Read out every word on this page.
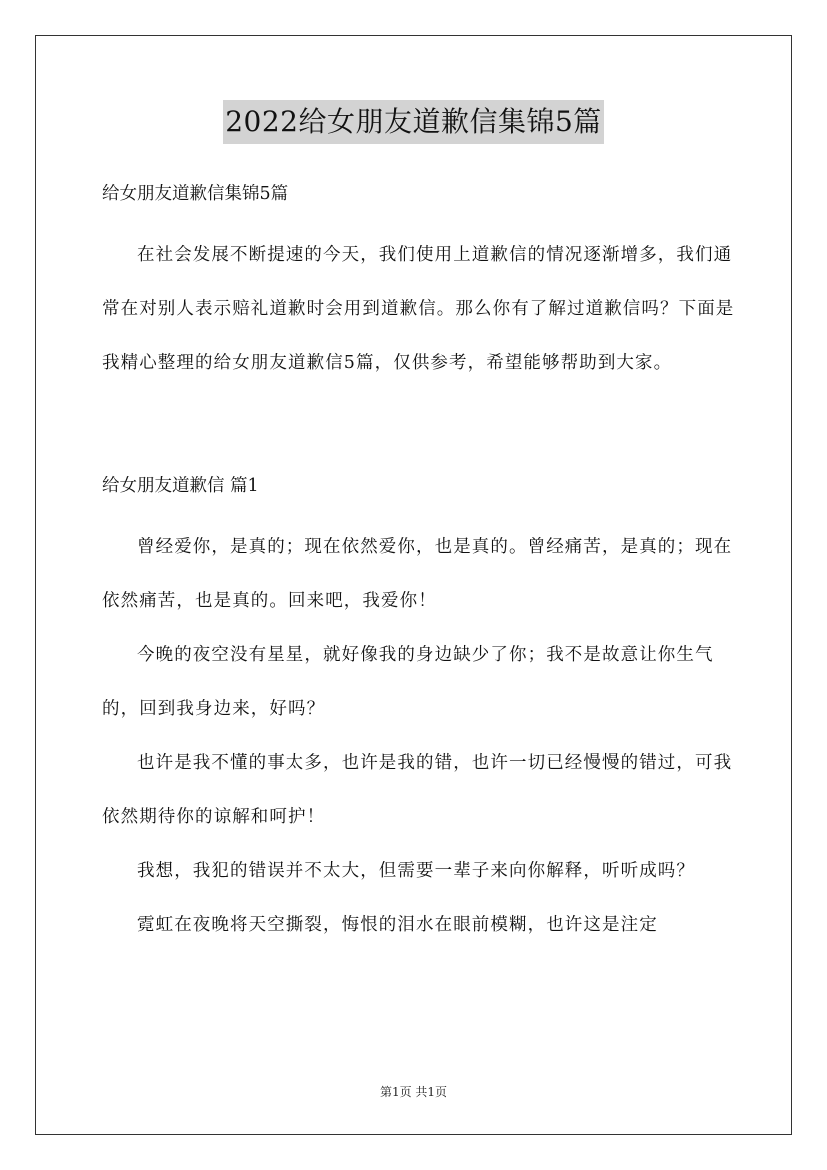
2022给女朋友道歉信集锦5篇

给女朋友道歉信集锦5篇

在社会发展不断提速的今天，我们使用上道歉信的情况逐渐增多，我们通常在对别人表示赔礼道歉时会用到道歉信。那么你有了解过道歉信吗？下面是我精心整理的给女朋友道歉信5篇，仅供参考，希望能够帮助到大家。

给女朋友道歉信 篇1

曾经爱你，是真的；现在依然爱你，也是真的。曾经痛苦，是真的；现在依然痛苦，也是真的。回来吧，我爱你！

今晚的夜空没有星星，就好像我的身边缺少了你；我不是故意让你生气的，回到我身边来，好吗？

也许是我不懂的事太多，也许是我的错，也许一切已经慢慢的错过，可我依然期待你的谅解和呵护！

我想，我犯的错误并不太大，但需要一辈子来向你解释，听听成吗？

霓虹在夜晚将天空撕裂，悔恨的泪水在眼前模糊，也许这是注定

第1页 共1页
